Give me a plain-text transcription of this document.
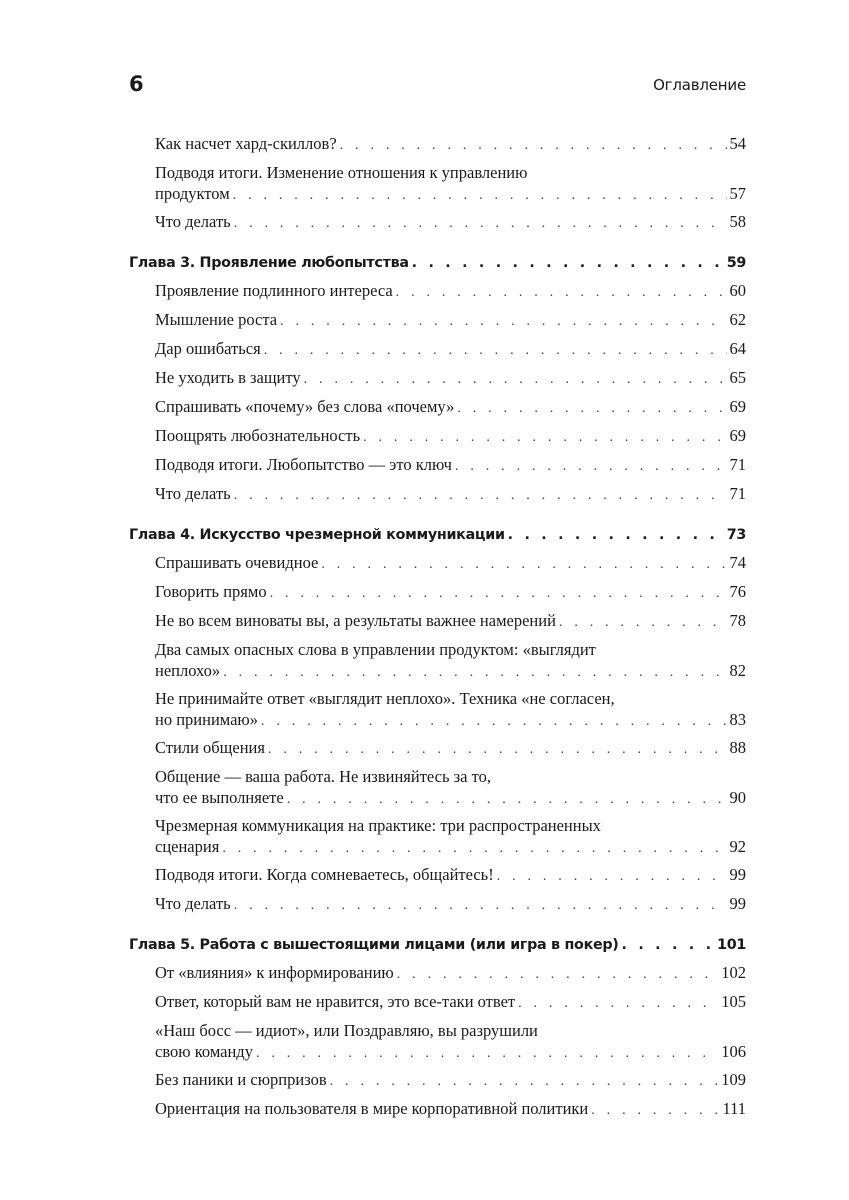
6	Оглавление
Как насчет хард-скиллов? . . .	54
Подводя итоги. Изменение отношения к управлению
продуктом . . .	57
Что делать . . .	58
Глава 3. Проявление любопытства . . .	59
Проявление подлинного интереса . . .	60
Мышление роста . . .	62
Дар ошибаться . . .	64
Не уходить в защиту . . .	65
Спрашивать «почему» без слова «почему» . . .	69
Поощрять любознательность . . .	69
Подводя итоги. Любопытство — это ключ . . .	71
Что делать . . .	71
Глава 4. Искусство чрезмерной коммуникации . . .	73
Спрашивать очевидное . . .	74
Говорить прямо . . .	76
Не во всем виноваты вы, а результаты важнее намерений . . .	78
Два самых опасных слова в управлении продуктом: «выглядит
неплохо» . . .	82
Не принимайте ответ «выглядит неплохо». Техника «не согласен,
но принимаю» . . .	83
Стили общения . . .	88
Общение — ваша работа. Не извиняйтесь за то,
что ее выполняете . . .	90
Чрезмерная коммуникация на практике: три распространенных
сценария . . .	92
Подводя итоги. Когда сомневаетесь, общайтесь! . . .	99
Что делать . . .	99
Глава 5. Работа с вышестоящими лицами (или игра в покер) . . .	101
От «влияния» к информированию . . .	102
Ответ, который вам не нравится, это все-таки ответ . . .	105
«Наш босс — идиот», или Поздравляю, вы разрушили
свою команду . . .	106
Без паники и сюрпризов . . .	109
Ориентация на пользователя в мире корпоративной политики . . .	111
